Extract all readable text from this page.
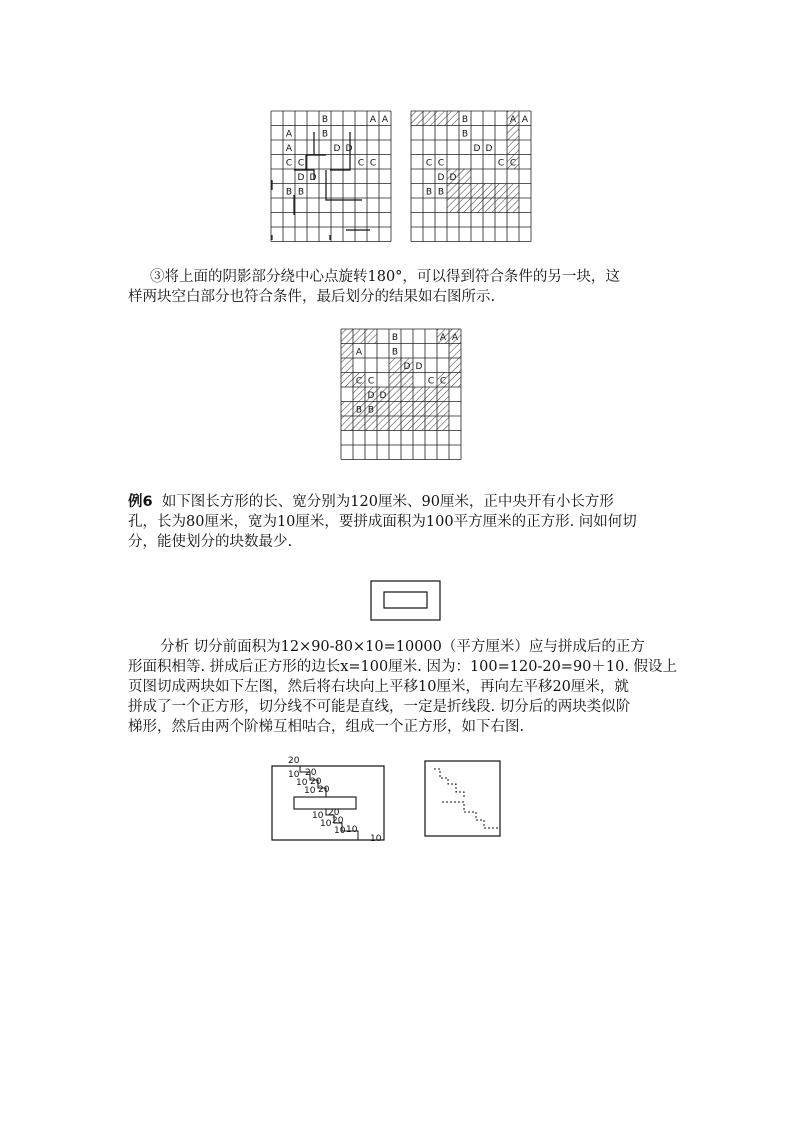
B	A A
A	B
A	D D
C C	C C
D D
B B
B	A A
B
D D
C C	C C
D D
B B

③将上面的阴影部分绕中心点旋转180°，可以得到符合条件的另一块，这

样两块空白部分也符合条件，最后划分的结果如右图所示.

B	A A
A	B
D D
C C	C C
D D
B B

例6 如下图长方形的长、宽分别为120厘米、90厘米，正中央开有小长方形

孔，长为80厘米，宽为10厘米，要拼成面积为100平方厘米的正方形. 问如何切

分，能使划分的块数最少.

分析 切分前面积为12×90-80×10=10000（平方厘米）应与拼成后的正方

形面积相等. 拼成后正方形的边长x=100厘米. 因为：100=120-20=90＋10. 假设上

页图切成两块如下左图，然后将右块向上平移10厘米，再向左平移20厘米，就

拼成了一个正方形，切分线不可能是直线，一定是折线段. 切分后的两块类似阶

梯形，然后由两个阶梯互相咕合，组成一个正方形，如下右图.

20
10 20
10 20
10 20
10 20
10 20
10 10
10
